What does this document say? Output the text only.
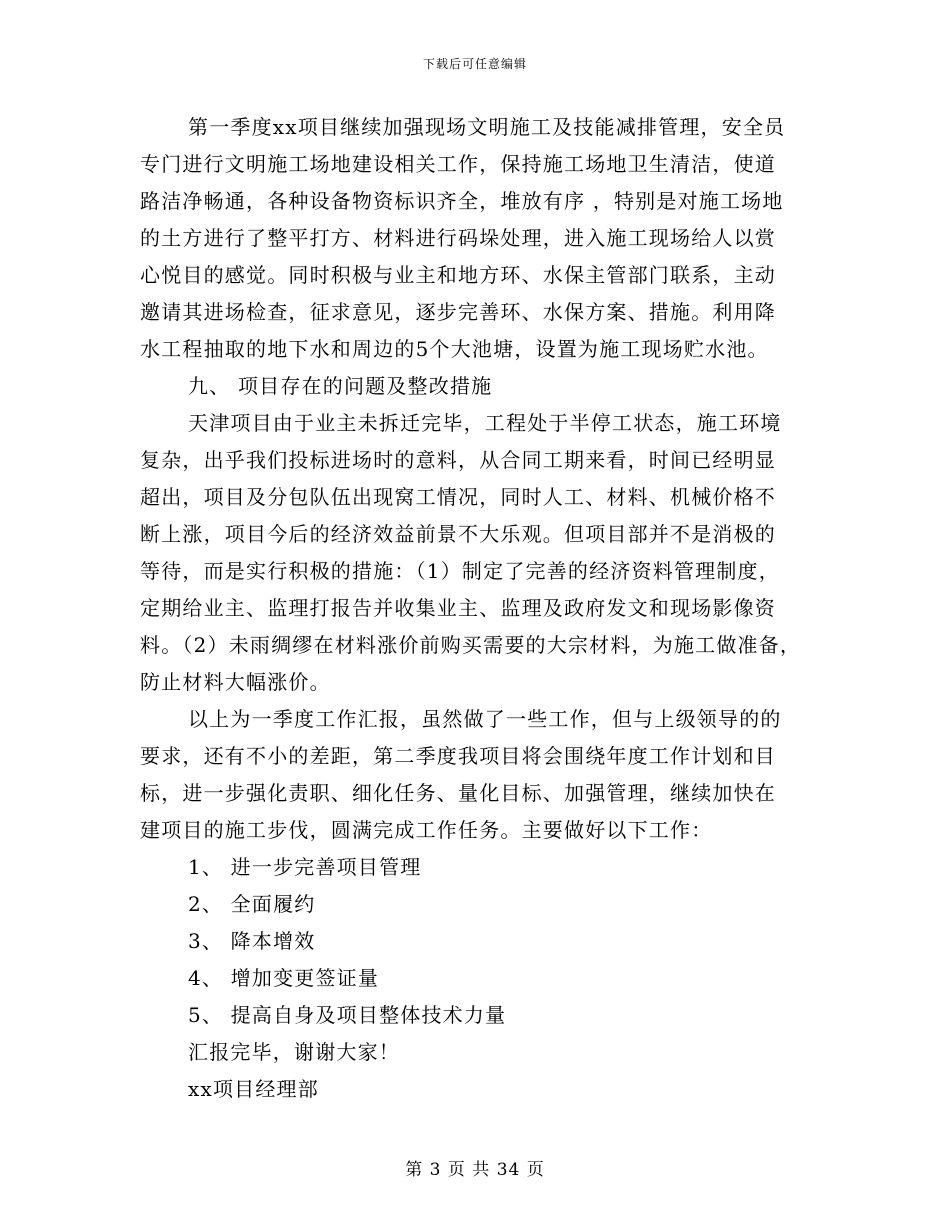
下载后可任意编辑
第一季度xx项目继续加强现场文明施工及技能减排管理，安全员
专门进行文明施工场地建设相关工作，保持施工场地卫生清洁，使道
路洁净畅通，各种设备物资标识齐全，堆放有序 ，特别是对施工场地
的土方进行了整平打方、材料进行码垛处理，进入施工现场给人以赏
心悦目的感觉。同时积极与业主和地方环、水保主管部门联系，主动
邀请其进场检查，征求意见，逐步完善环、水保方案、措施。利用降
水工程抽取的地下水和周边的5个大池塘，设置为施工现场贮水池。
九、 项目存在的问题及整改措施
天津项目由于业主未拆迁完毕，工程处于半停工状态，施工环境
复杂，出乎我们投标进场时的意料，从合同工期来看，时间已经明显
超出，项目及分包队伍出现窝工情况，同时人工、材料、机械价格不
断上涨，项目今后的经济效益前景不大乐观。但项目部并不是消极的
等待，而是实行积极的措施：（1）制定了完善的经济资料管理制度，
定期给业主、监理打报告并收集业主、监理及政府发文和现场影像资
料。（2）未雨绸缪在材料涨价前购买需要的大宗材料，为施工做准备，
防止材料大幅涨价。
以上为一季度工作汇报，虽然做了一些工作，但与上级领导的的
要求，还有不小的差距，第二季度我项目将会围绕年度工作计划和目
标，进一步强化责职、细化任务、量化目标、加强管理，继续加快在
建项目的施工步伐，圆满完成工作任务。主要做好以下工作：
1、 进一步完善项目管理
2、 全面履约
3、 降本增效
4、 增加变更签证量
5、 提高自身及项目整体技术力量
汇报完毕，谢谢大家！
xx项目经理部
第 3 页 共 34 页
